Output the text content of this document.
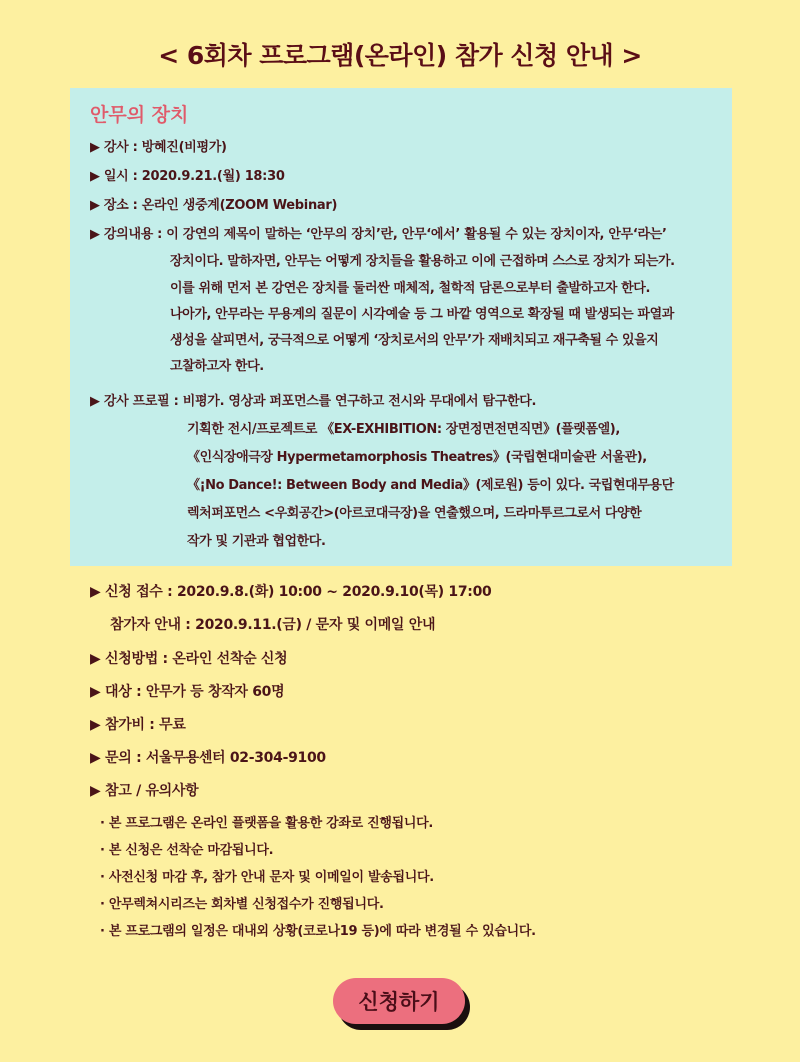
< 6회차 프로그램(온라인) 참가 신청 안내 >
안무의 장치
▶ 강사 : 방혜진(비평가)
▶ 일시 : 2020.9.21.(월) 18:30
▶ 장소 : 온라인 생중계(ZOOM Webinar)
▶ 강의내용 : 이 강연의 제목이 말하는 ‘안무의 장치’란, 안무‘에서’ 활용될 수 있는 장치이자, 안무‘라는’
장치이다. 말하자면, 안무는 어떻게 장치들을 활용하고 이에 근접하며 스스로 장치가 되는가.
이를 위해 먼저 본 강연은 장치를 둘러싼 매체적, 철학적 담론으로부터 출발하고자 한다.
나아가, 안무라는 무용계의 질문이 시각예술 등 그 바깥 영역으로 확장될 때 발생되는 파열과
생성을 살피면서, 궁극적으로 어떻게 ‘장치로서의 안무’가 재배치되고 재구축될 수 있을지
고찰하고자 한다.
▶ 강사 프로필 : 비평가. 영상과 퍼포먼스를 연구하고 전시와 무대에서 탐구한다.
기획한 전시/프로젝트로 《EX-EXHIBITION: 장면정면전면직면》(플랫폼엘),
《인식장애극장 Hypermetamorphosis Theatres》(국립현대미술관 서울관),
《¡No Dance!: Between Body and Media》(제로원) 등이 있다. 국립현대무용단
렉처퍼포먼스 <우회공간>(아르코대극장)을 연출했으며, 드라마투르그로서 다양한
작가 및 기관과 협업한다.
▶ 신청 접수 : 2020.9.8.(화) 10:00 ~ 2020.9.10(목) 17:00
참가자 안내 : 2020.9.11.(금) / 문자 및 이메일 안내
▶ 신청방법 : 온라인 선착순 신청
▶ 대상 : 안무가 등 창작자 60명
▶ 참가비 : 무료
▶ 문의 : 서울무용센터 02-304-9100
▶ 참고 / 유의사항
· 본 프로그램은 온라인 플랫폼을 활용한 강좌로 진행됩니다.
· 본 신청은 선착순 마감됩니다.
· 사전신청 마감 후, 참가 안내 문자 및 이메일이 발송됩니다.
· 안무렉쳐시리즈는 회차별 신청접수가 진행됩니다.
· 본 프로그램의 일정은 대내외 상황(코로나19 등)에 따라 변경될 수 있습니다.
신청하기
